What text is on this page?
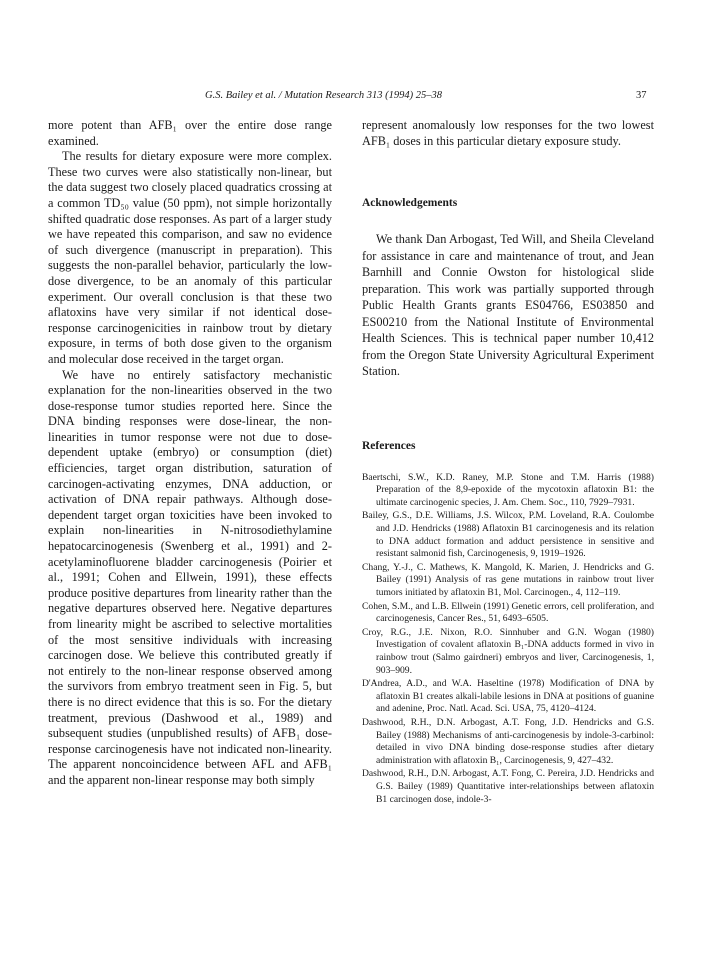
G.S. Bailey et al. / Mutation Research 313 (1994) 25–38	37

more potent than AFB₁ over the entire dose range examined.

The results for dietary exposure were more complex. These two curves were also statistically non-linear, but the data suggest two closely placed quadratics crossing at a common TD₅₀ value (50 ppm), not simple horizontally shifted quadratic dose responses. As part of a larger study we have repeated this comparison, and saw no evidence of such divergence (manuscript in preparation). This suggests the non-parallel behavior, particularly the low-dose divergence, to be an anomaly of this particular experiment. Our overall conclusion is that these two aflatoxins have very similar if not identical dose-response carcinogenicities in rainbow trout by dietary exposure, in terms of both dose given to the organism and molecular dose received in the target organ.

We have no entirely satisfactory mechanistic explanation for the non-linearities observed in the two dose-response tumor studies reported here. Since the DNA binding responses were dose-linear, the non-linearities in tumor response were not due to dose-dependent uptake (embryo) or consumption (diet) efficiencies, target organ distribution, saturation of carcinogen-activating enzymes, DNA adduction, or activation of DNA repair pathways. Although dose-dependent target organ toxicities have been invoked to explain non-linearities in N-nitrosodiethylamine hepatocarcinogenesis (Swenberg et al., 1991) and 2-acetylaminofluorene bladder carcinogenesis (Poirier et al., 1991; Cohen and Ellwein, 1991), these effects produce positive departures from linearity rather than the negative departures observed here. Negative departures from linearity might be ascribed to selective mortalities of the most sensitive individuals with increasing carcinogen dose. We believe this contributed greatly if not entirely to the non-linear response observed among the survivors from embryo treatment seen in Fig. 5, but there is no direct evidence that this is so. For the dietary treatment, previous (Dashwood et al., 1989) and subsequent studies (unpublished results) of AFB₁ dose-response carcinogenesis have not indicated non-linearity. The apparent noncoincidence between AFL and AFB₁ and the apparent non-linear response may both simply

represent anomalously low responses for the two lowest AFB₁ doses in this particular dietary exposure study.

Acknowledgements

We thank Dan Arbogast, Ted Will, and Sheila Cleveland for assistance in care and maintenance of trout, and Jean Barnhill and Connie Owston for histological slide preparation. This work was partially supported through Public Health Grants grants ES04766, ES03850 and ES00210 from the National Institute of Environmental Health Sciences. This is technical paper number 10,412 from the Oregon State University Agricultural Experiment Station.

References
Baertschi, S.W., K.D. Raney, M.P. Stone and T.M. Harris (1988) Preparation of the 8,9-epoxide of the mycotoxin aflatoxin B1: the ultimate carcinogenic species, J. Am. Chem. Soc., 110, 7929–7931.
Bailey, G.S., D.E. Williams, J.S. Wilcox, P.M. Loveland, R.A. Coulombe and J.D. Hendricks (1988) Aflatoxin B1 carcinogenesis and its relation to DNA adduct formation and adduct persistence in sensitive and resistant salmonid fish, Carcinogenesis, 9, 1919–1926.
Chang, Y.-J., C. Mathews, K. Mangold, K. Marien, J. Hendricks and G. Bailey (1991) Analysis of ras gene mutations in rainbow trout liver tumors initiated by aflatoxin B1, Mol. Carcinogen., 4, 112–119.
Cohen, S.M., and L.B. Ellwein (1991) Genetic errors, cell proliferation, and carcinogenesis, Cancer Res., 51, 6493–6505.
Croy, R.G., J.E. Nixon, R.O. Sinnhuber and G.N. Wogan (1980) Investigation of covalent aflatoxin B₁-DNA adducts formed in vivo in rainbow trout (Salmo gairdneri) embryos and liver, Carcinogenesis, 1, 903–909.
D'Andrea, A.D., and W.A. Haseltine (1978) Modification of DNA by aflatoxin B1 creates alkali-labile lesions in DNA at positions of guanine and adenine, Proc. Natl. Acad. Sci. USA, 75, 4120–4124.
Dashwood, R.H., D.N. Arbogast, A.T. Fong, J.D. Hendricks and G.S. Bailey (1988) Mechanisms of anti-carcinogenesis by indole-3-carbinol: detailed in vivo DNA binding dose-response studies after dietary administration with aflatoxin B₁, Carcinogenesis, 9, 427–432.
Dashwood, R.H., D.N. Arbogast, A.T. Fong, C. Pereira, J.D. Hendricks and G.S. Bailey (1989) Quantitative inter-relationships between aflatoxin B1 carcinogen dose, indole-3-
